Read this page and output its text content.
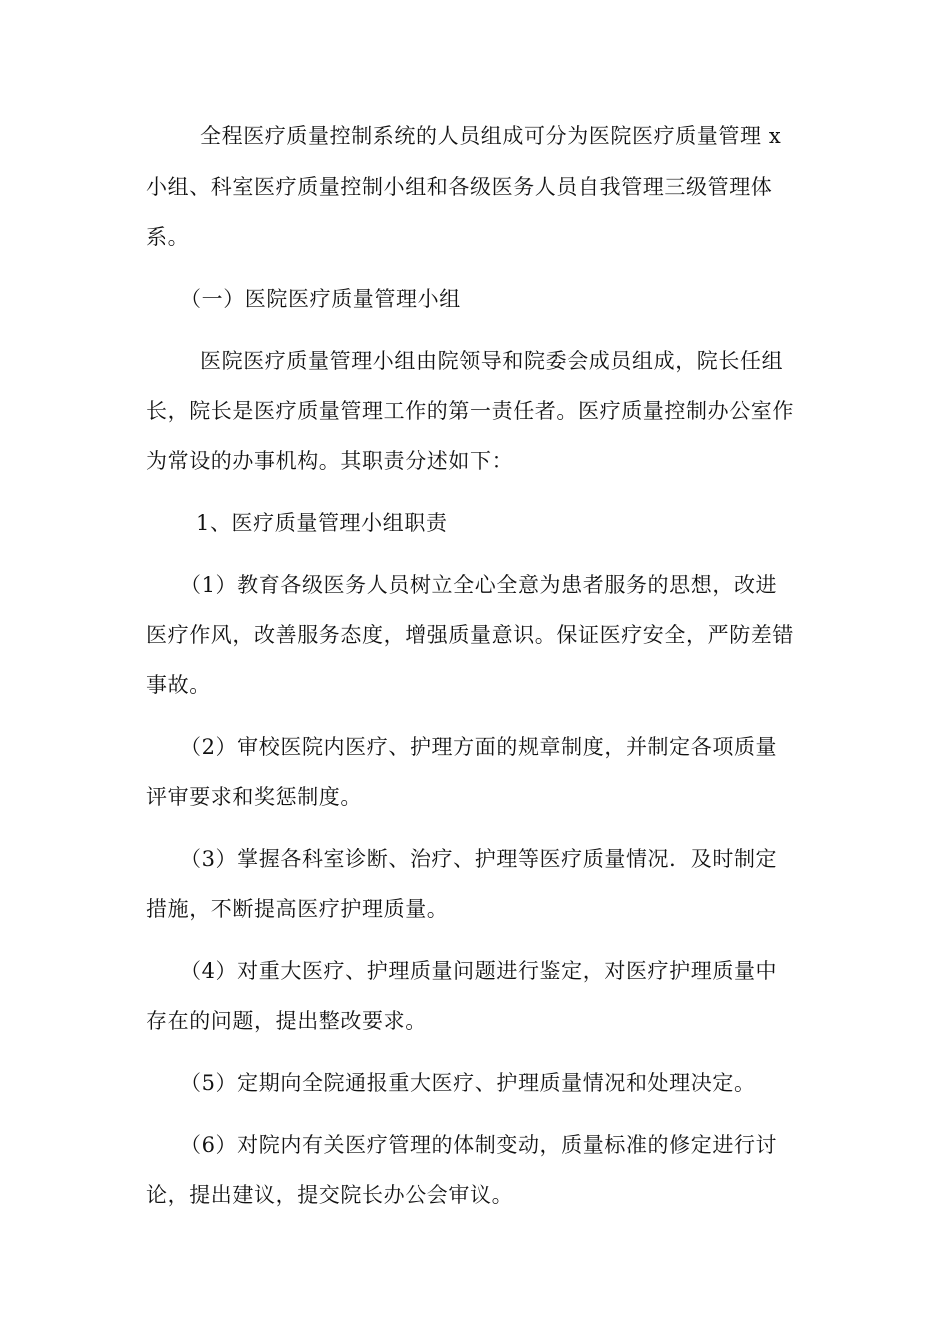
全程医疗质量控制系统的人员组成可分为医院医疗质量管理 x
小组、科室医疗质量控制小组和各级医务人员自我管理三级管理体
系。
（一）医院医疗质量管理小组
医院医疗质量管理小组由院领导和院委会成员组成，院长任组
长，院长是医疗质量管理工作的第一责任者。医疗质量控制办公室作
为常设的办事机构。其职责分述如下：
1、医疗质量管理小组职责
（1）教育各级医务人员树立全心全意为患者服务的思想，改进
医疗作风，改善服务态度，增强质量意识。保证医疗安全，严防差错
事故。
（2）审校医院内医疗、护理方面的规章制度，并制定各项质量
评审要求和奖惩制度。
（3）掌握各科室诊断、治疗、护理等医疗质量情况．及时制定
措施，不断提高医疗护理质量。
（4）对重大医疗、护理质量问题进行鉴定，对医疗护理质量中
存在的问题，提出整改要求。
（5）定期向全院通报重大医疗、护理质量情况和处理决定。
（6）对院内有关医疗管理的体制变动，质量标准的修定进行讨
论，提出建议，提交院长办公会审议。
